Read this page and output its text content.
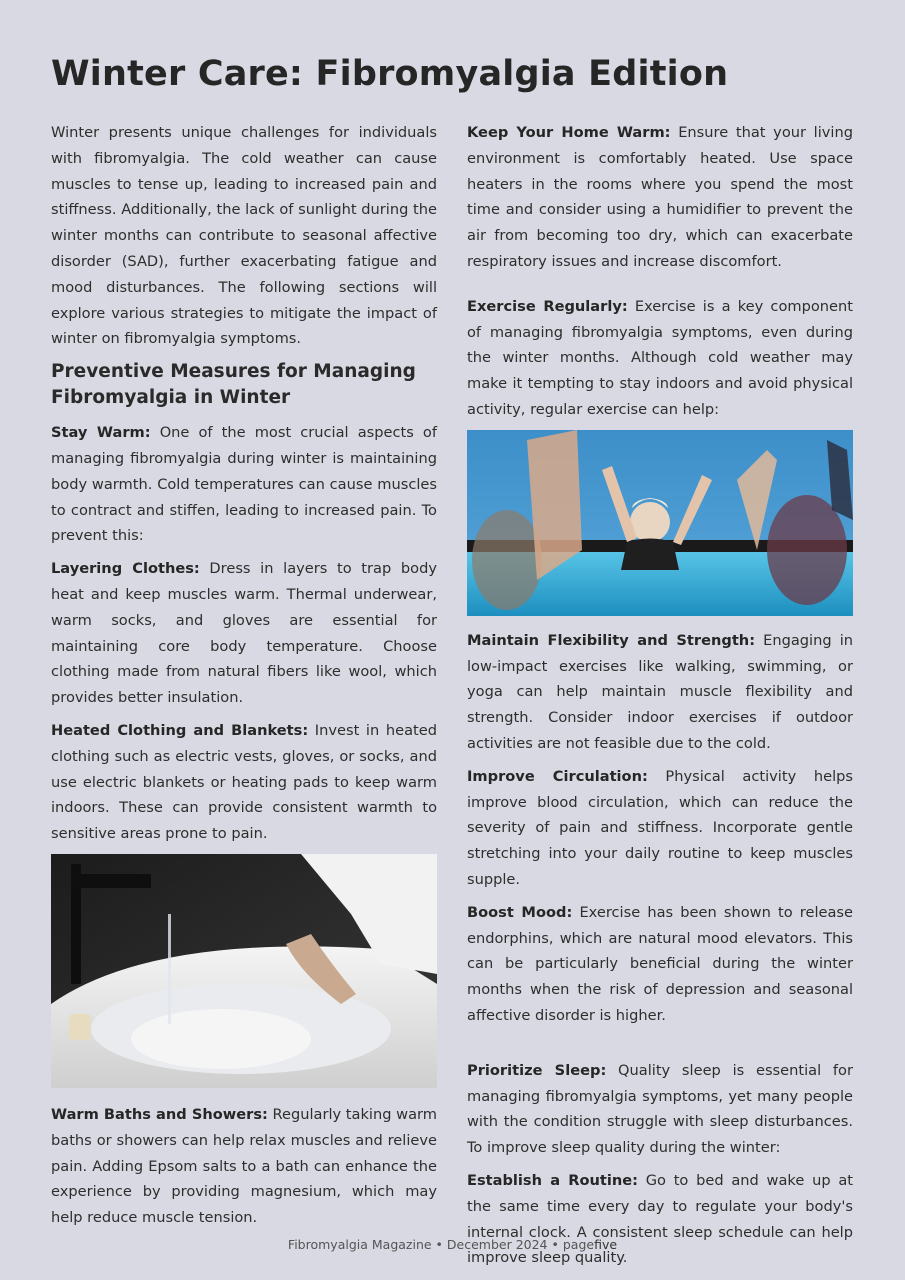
Winter Care: Fibromyalgia Edition

Winter presents unique challenges for individuals with fibromyalgia. The cold weather can cause muscles to tense up, leading to increased pain and stiffness. Additionally, the lack of sunlight during the winter months can contribute to seasonal affective disorder (SAD), further exacerbating fatigue and mood disturbances. The following sections will explore various strategies to mitigate the impact of winter on fibromyalgia symptoms.

Preventive Measures for Managing Fibromyalgia in Winter

Stay Warm: One of the most crucial aspects of managing fibromyalgia during winter is maintaining body warmth. Cold temperatures can cause muscles to contract and stiffen, leading to increased pain. To prevent this:

Layering Clothes: Dress in layers to trap body heat and keep muscles warm. Thermal underwear, warm socks, and gloves are essential for maintaining core body temperature. Choose clothing made from natural fibers like wool, which provides better insulation.

Heated Clothing and Blankets: Invest in heated clothing such as electric vests, gloves, or socks, and use electric blankets or heating pads to keep warm indoors. These can provide consistent warmth to sensitive areas prone to pain.

Warm Baths and Showers: Regularly taking warm baths or showers can help relax muscles and relieve pain. Adding Epsom salts to a bath can enhance the experience by providing magnesium, which may help reduce muscle tension.

Keep Your Home Warm: Ensure that your living environment is comfortably heated. Use space heaters in the rooms where you spend the most time and consider using a humidifier to prevent the air from becoming too dry, which can exacerbate respiratory issues and increase discomfort.

Exercise Regularly: Exercise is a key component of managing fibromyalgia symptoms, even during the winter months. Although cold weather may make it tempting to stay indoors and avoid physical activity, regular exercise can help:

Maintain Flexibility and Strength: Engaging in low-impact exercises like walking, swimming, or yoga can help maintain muscle flexibility and strength. Consider indoor exercises if outdoor activities are not feasible due to the cold.

Improve Circulation: Physical activity helps improve blood circulation, which can reduce the severity of pain and stiffness. Incorporate gentle stretching into your daily routine to keep muscles supple.

Boost Mood: Exercise has been shown to release endorphins, which are natural mood elevators. This can be particularly beneficial during the winter months when the risk of depression and seasonal affective disorder is higher.

Prioritize Sleep: Quality sleep is essential for managing fibromyalgia symptoms, yet many people with the condition struggle with sleep disturbances. To improve sleep quality during the winter:

Establish a Routine: Go to bed and wake up at the same time every day to regulate your body's internal clock. A consistent sleep schedule can help improve sleep quality.

Fibromyalgia Magazine • December 2024 • pagefive
